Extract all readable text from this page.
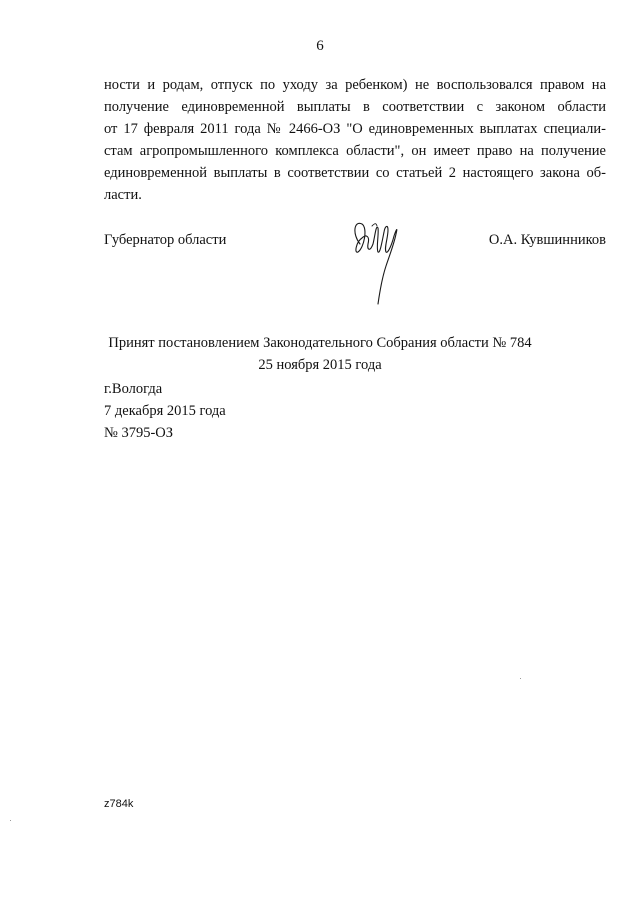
6
ности и родам, отпуск по уходу за ребенком) не воспользовался правом на
получение единовременной выплаты в соответствии с законом области
от 17 февраля 2011 года № 2466-ОЗ "О единовременных выплатах специали-
стам агропромышленного комплекса области", он имеет право на получение
единовременной выплаты в соответствии со статьей 2 настоящего закона об-
ласти.
Губернатор области	О.А. Кувшинников
Принят постановлением Законодательного Собрания области № 784
25 ноября 2015 года
г.Вологда
7 декабря 2015 года
№ 3795-ОЗ
z784k
